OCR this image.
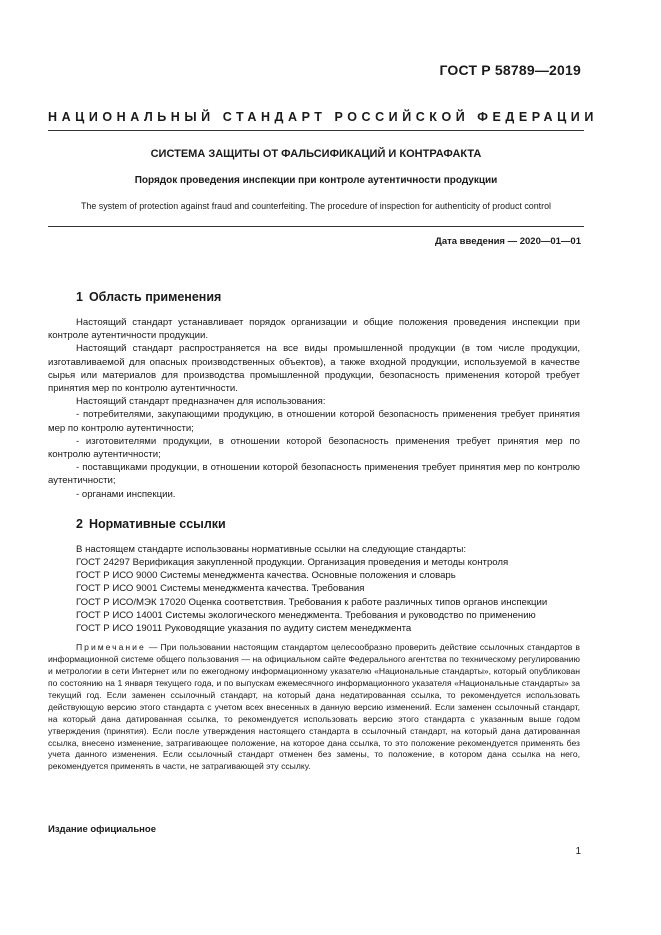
ГОСТ Р 58789—2019
НАЦИОНАЛЬНЫЙ СТАНДАРТ РОССИЙСКОЙ ФЕДЕРАЦИИ
СИСТЕМА ЗАЩИТЫ ОТ ФАЛЬСИФИКАЦИЙ И КОНТРАФАКТА
Порядок проведения инспекции при контроле аутентичности продукции
The system of protection against fraud and counterfeiting. The procedure of inspection for authenticity of product control
Дата введения — 2020—01—01
1 Область применения

Настоящий стандарт устанавливает порядок организации и общие положения проведения инспекции при контроле аутентичности продукции.

Настоящий стандарт распространяется на все виды промышленной продукции (в том числе продукции, изготавливаемой для опасных производственных объектов), а также входной продукции, используемой в качестве сырья или материалов для производства промышленной продукции, безопасность применения которой требует принятия мер по контролю аутентичности.

Настоящий стандарт предназначен для использования:

- потребителями, закупающими продукцию, в отношении которой безопасность применения требует принятия мер по контролю аутентичности;

- изготовителями продукции, в отношении которой безопасность применения требует принятия мер по контролю аутентичности;

- поставщиками продукции, в отношении которой безопасность применения требует принятия мер по контролю аутентичности;

- органами инспекции.

2 Нормативные ссылки

В настоящем стандарте использованы нормативные ссылки на следующие стандарты:

ГОСТ 24297 Верификация закупленной продукции. Организация проведения и методы контроля

ГОСТ Р ИСО 9000 Системы менеджмента качества. Основные положения и словарь

ГОСТ Р ИСО 9001 Системы менеджмента качества. Требования

ГОСТ Р ИСО/МЭК 17020 Оценка соответствия. Требования к работе различных типов органов инспекции

ГОСТ Р ИСО 14001 Системы экологического менеджмента. Требования и руководство по применению

ГОСТ Р ИСО 19011 Руководящие указания по аудиту систем менеджмента

Примечание — При пользовании настоящим стандартом целесообразно проверить действие ссылочных стандартов в информационной системе общего пользования — на официальном сайте Федерального агентства по техническому регулированию и метрологии в сети Интернет или по ежегодному информационному указателю «Национальные стандарты», который опубликован по состоянию на 1 января текущего года, и по выпускам ежемесячного информационного указателя «Национальные стандарты» за текущий год. Если заменен ссылочный стандарт, на который дана недатированная ссылка, то рекомендуется использовать действующую версию этого стандарта с учетом всех внесенных в данную версию изменений. Если заменен ссылочный стандарт, на который дана датированная ссылка, то рекомендуется использовать версию этого стандарта с указанным выше годом утверждения (принятия). Если после утверждения настоящего стандарта в ссылочный стандарт, на который дана датированная ссылка, внесено изменение, затрагивающее положение, на которое дана ссылка, то это положение рекомендуется применять без учета данного изменения. Если ссылочный стандарт отменен без замены, то положение, в котором дана ссылка на него, рекомендуется применять в части, не затрагивающей эту ссылку.

Издание официальное
1
